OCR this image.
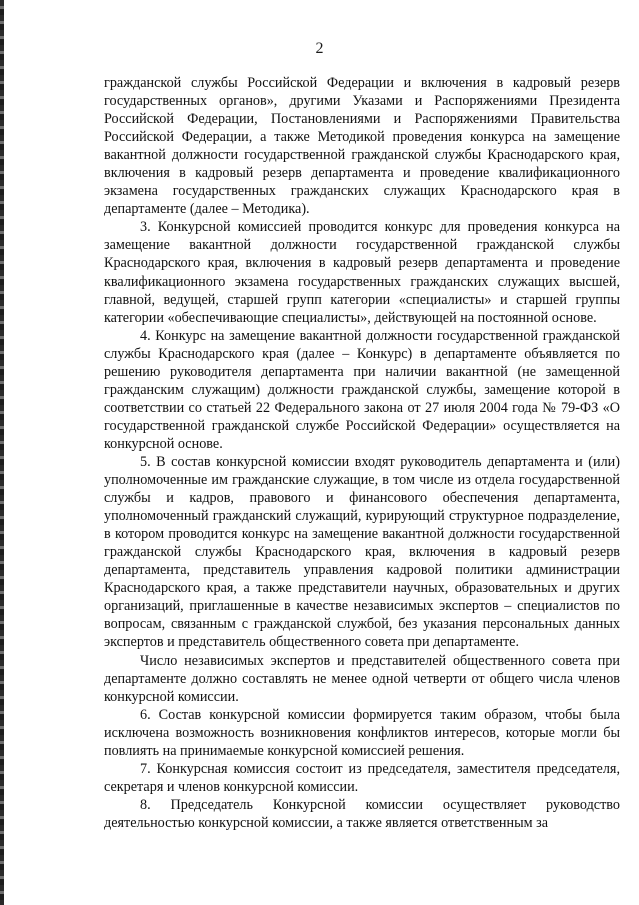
2

гражданской службы Российской Федерации и включения в кадровый резерв государственных органов», другими Указами и Распоряжениями Президента Российской Федерации, Постановлениями и Распоряжениями Правительства Российской Федерации, а также Методикой проведения конкурса на замещение вакантной должности государственной гражданской службы Краснодарского края, включения в кадровый резерв департамента и проведение квалификационного экзамена государственных гражданских служащих Краснодарского края в департаменте (далее – Методика).

3. Конкурсной комиссией проводится конкурс для проведения конкурса на замещение вакантной должности государственной гражданской службы Краснодарского края, включения в кадровый резерв департамента и проведение квалификационного экзамена государственных гражданских служащих высшей, главной, ведущей, старшей групп категории «специалисты» и старшей группы категории «обеспечивающие специалисты», действующей на постоянной основе.

4. Конкурс на замещение вакантной должности государственной гражданской службы Краснодарского края (далее – Конкурс) в департаменте объявляется по решению руководителя департамента при наличии вакантной (не замещенной гражданским служащим) должности гражданской службы, замещение которой в соответствии со статьей 22 Федерального закона от 27 июля 2004 года № 79-ФЗ «О государственной гражданской службе Российской Федерации» осуществляется на конкурсной основе.

5. В состав конкурсной комиссии входят руководитель департамента и (или) уполномоченные им гражданские служащие, в том числе из отдела государственной службы и кадров, правового и финансового обеспечения департамента, уполномоченный гражданский служащий, курирующий структурное подразделение, в котором проводится конкурс на замещение вакантной должности государственной гражданской службы Краснодарского края, включения в кадровый резерв департамента, представитель управления кадровой политики администрации Краснодарского края, а также представители научных, образовательных и других организаций, приглашенные в качестве независимых экспертов – специалистов по вопросам, связанным с гражданской службой, без указания персональных данных экспертов и представитель общественного совета при департаменте.

Число независимых экспертов и представителей общественного совета при департаменте должно составлять не менее одной четверти от общего числа членов конкурсной комиссии.

6. Состав конкурсной комиссии формируется таким образом, чтобы была исключена возможность возникновения конфликтов интересов, которые могли бы повлиять на принимаемые конкурсной комиссией решения.

7. Конкурсная комиссия состоит из председателя, заместителя председателя, секретаря и членов конкурсной комиссии.

8. Председатель Конкурсной комиссии осуществляет руководство деятельностью конкурсной комиссии, а также является ответственным за
